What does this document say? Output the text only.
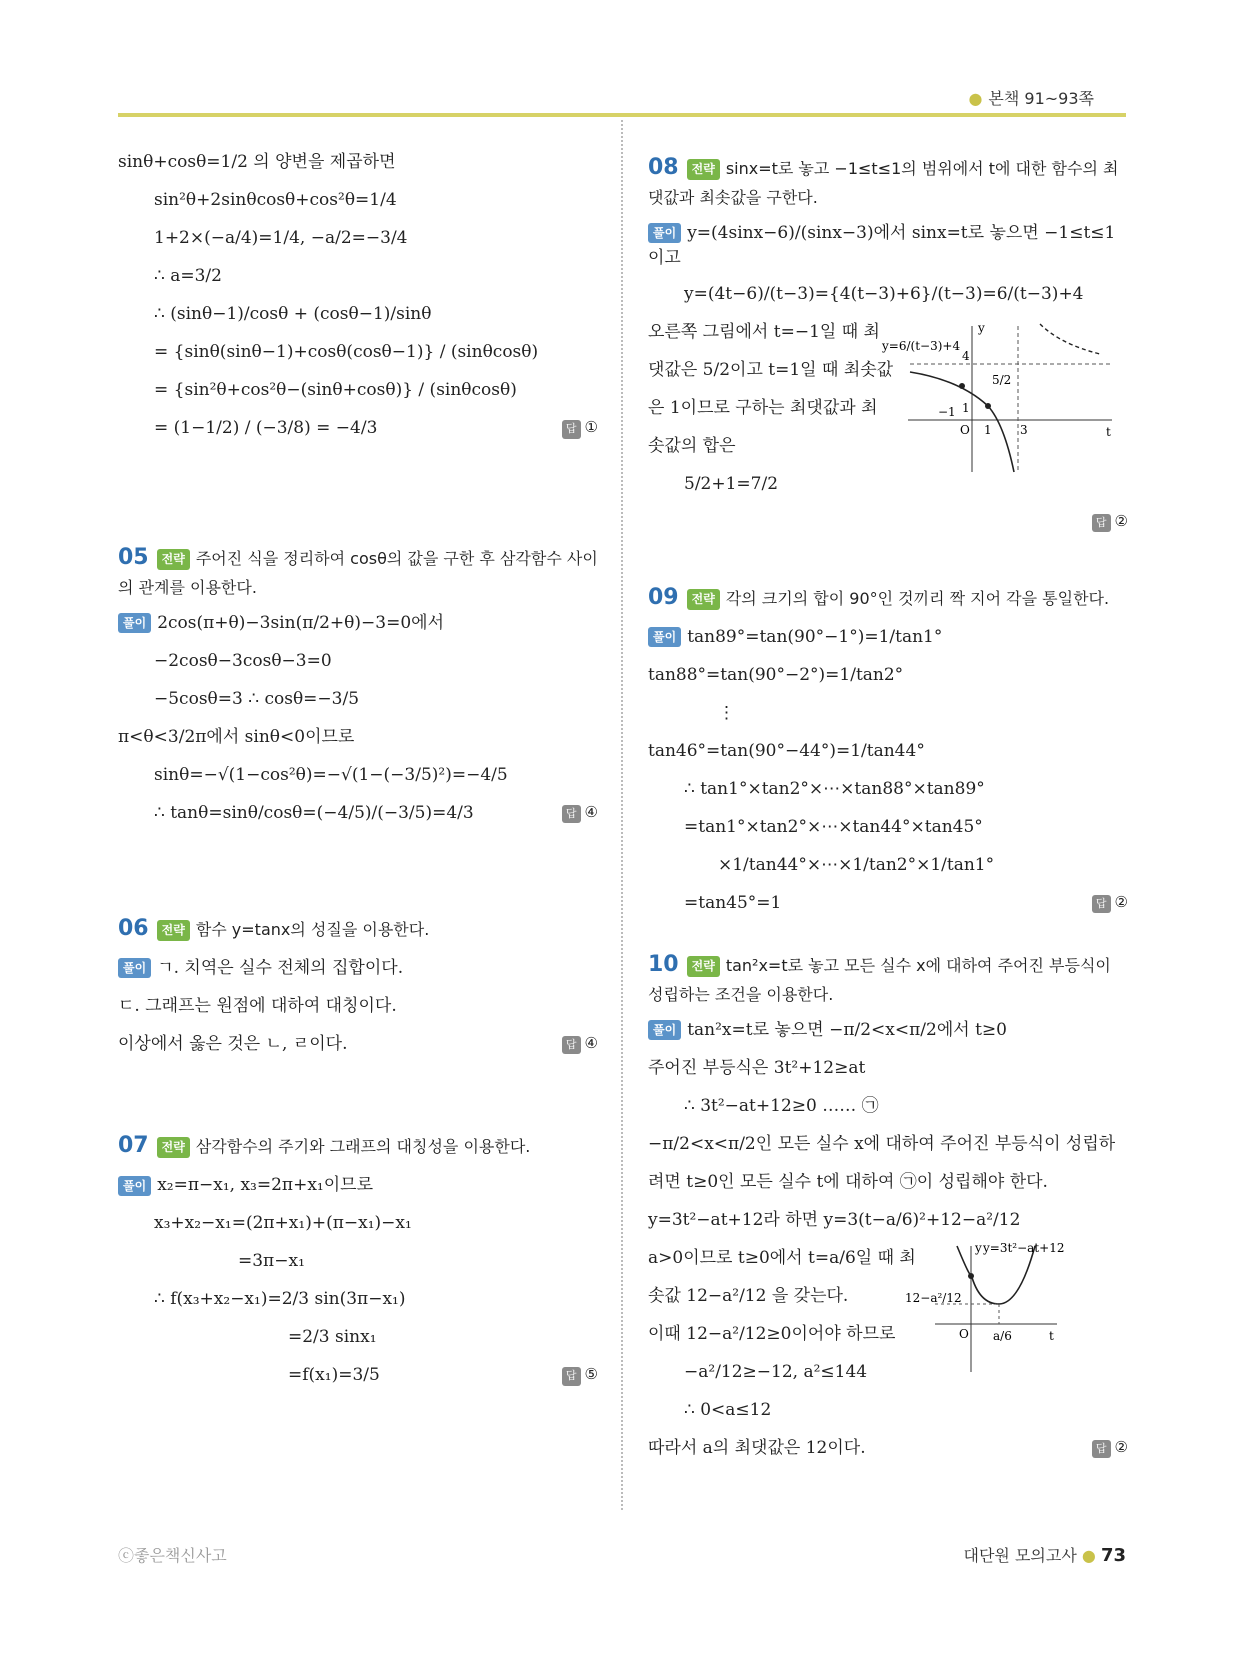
● 본책 91~93쪽
sinθ+cosθ=1/2 의 양변을 제곱하면
sin²θ+2sinθcosθ+cos²θ=1/4
1+2×(−a/4)=1/4, −a/2=−3/4
∴ a=3/2
∴ (sinθ−1)/cosθ + (cosθ−1)/sinθ
= {sinθ(sinθ−1)+cosθ(cosθ−1)} / (sinθcosθ)
= {sin²θ+cos²θ−(sinθ+cosθ)} / (sinθcosθ)
= (1−1/2) / (−3/8) = −4/3	답 ①
05 전략 주어진 식을 정리하여 cosθ의 값을 구한 후 삼각함수 사이의 관계를 이용한다.
풀이 2cos(π+θ)−3sin(π/2+θ)−3=0에서
−2cosθ−3cosθ−3=0
−5cosθ=3 ∴ cosθ=−3/5
π<θ<3/2π에서 sinθ<0이므로
sinθ=−√(1−cos²θ)=−√(1−(−3/5)²)=−4/5
∴ tanθ=sinθ/cosθ=(−4/5)/(−3/5)=4/3	답 ④
06 전략 함수 y=tanx의 성질을 이용한다.
풀이 ㄱ. 치역은 실수 전체의 집합이다.
ㄷ. 그래프는 원점에 대하여 대칭이다.
이상에서 옳은 것은 ㄴ, ㄹ이다.	답 ④
07 전략 삼각함수의 주기와 그래프의 대칭성을 이용한다.
풀이 x₂=π−x₁, x₃=2π+x₁이므로
x₃+x₂−x₁=(2π+x₁)+(π−x₁)−x₁
=3π−x₁
∴ f(x₃+x₂−x₁)=2/3 sin(3π−x₁)
=2/3 sinx₁
=f(x₁)=3/5	답 ⑤
08 전략 sinx=t로 놓고 −1≤t≤1의 범위에서 t에 대한 함수의 최댓값과 최솟값을 구한다.
풀이 y=(4sinx−6)/(sinx−3)에서 sinx=t로 놓으면 −1≤t≤1이고
y=(4t−6)/(t−3)={4(t−3)+6}/(t−3)=6/(t−3)+4
오른쪽 그림에서 t=−1일 때 최
댓값은 5/2이고 t=1일 때 최솟값
은 1이므로 구하는 최댓값과 최
솟값의 합은
5/2+1=7/2

답 ②
09 전략 각의 크기의 합이 90°인 것끼리 짝 지어 각을 통일한다.
풀이 tan89°=tan(90°−1°)=1/tan1°
tan88°=tan(90°−2°)=1/tan2°
⋮
tan46°=tan(90°−44°)=1/tan44°
∴ tan1°×tan2°×⋯×tan88°×tan89°
=tan1°×tan2°×⋯×tan44°×tan45°
×1/tan44°×⋯×1/tan2°×1/tan1°
=tan45°=1	답 ②
10 전략 tan²x=t로 놓고 모든 실수 x에 대하여 주어진 부등식이 성립하는 조건을 이용한다.
풀이 tan²x=t로 놓으면 −π/2<x<π/2에서 t≥0
주어진 부등식은 3t²+12≥at
∴ 3t²−at+12≥0 …… ㉠
−π/2<x<π/2인 모든 실수 x에 대하여 주어진 부등식이 성립하
려면 t≥0인 모든 실수 t에 대하여 ㉠이 성립해야 한다.
y=3t²−at+12라 하면 y=3(t−a/6)²+12−a²/12
a>0이므로 t≥0에서 t=a/6일 때 최
솟값 12−a²/12 을 갖는다.
이때 12−a²/12≥0이어야 하므로
−a²/12≥−12, a²≤144
∴ 0<a≤12
따라서 a의 최댓값은 12이다.	답 ②
y
t
O 1 3
−1
4
5/2
1
y=6/(t−3)+4
y
t
O
12−a²/12
a/6
y=3t²−at+12
ⓒ좋은책신사고	대단원 모의고사 ● 73
